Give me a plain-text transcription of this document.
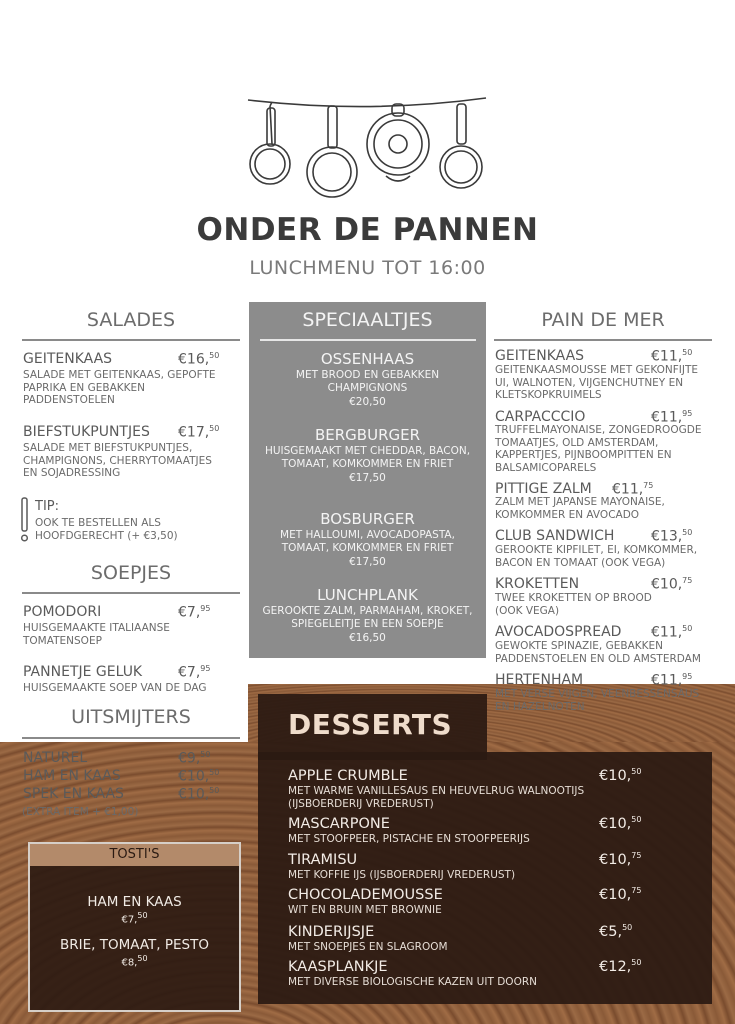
ONDER DE PANNEN
LUNCHMENU TOT 16:00
SALADES
GEITENKAAS	€16,50
SALADE MET GEITENKAAS, GEPOFTE PAPRIKA EN GEBAKKEN PADDENSTOELEN
BIEFSTUKPUNTJES €17,50
SALADE MET BIEFSTUKPUNTJES, CHAMPIGNONS, CHERRYTOMAATJES EN SOJADRESSING
TIP:
OOK TE BESTELLEN ALS HOOFDGERECHT (+ €3,50)
SOEPJES
POMODORI	€7,95
HUISGEMAAKTE ITALIAANSE TOMATENSOEP
PANNETJE GELUK	€7,95
HUISGEMAAKTE SOEP VAN DE DAG
UITSMIJTERS
NATUREL	€9,50
HAM EN KAAS	€10,50
SPEK EN KAAS	€10,50
(EXTRA ITEM + €1,00)
SPECIAALTJES
OSSENHAAS
MET BROOD EN GEBAKKEN CHAMPIGNONS
€20,50
BERGBURGER
HUISGEMAAKT MET CHEDDAR, BACON, TOMAAT, KOMKOMMER EN FRIET
€17,50
BOSBURGER
MET HALLOUMI, AVOCADOPASTA, TOMAAT, KOMKOMMER EN FRIET
€17,50
LUNCHPLANK
GEROOKTE ZALM, PARMAHAM, KROKET, SPIEGELEITJE EN EEN SOEPJE
€16,50
PAIN DE MER
GEITENKAAS	€11,50
GEITENKAASMOUSSE MET GEKONFIJTE UI, WALNOTEN, VIJGENCHUTNEY EN KLETSKOPKRUIMELS
CARPACCCIO	€11,95
TRUFFELMAYONAISE, ZONGEDROOGDE TOMAATJES, OLD AMSTERDAM, KAPPERTJES, PIJNBOOMPITTEN EN BALSAMICOPARELS
PITTIGE ZALM €11,75
ZALM MET JAPANSE MAYONAISE, KOMKOMMER EN AVOCADO
CLUB SANDWICH	€13,50
GEROOKTE KIPFILET, EI, KOMKOMMER, BACON EN TOMAAT (OOK VEGA)
KROKETTEN	€10,75
TWEE KROKETTEN OP BROOD (OOK VEGA)
AVOCADOSPREAD €11,50
GEWOKTE SPINAZIE, GEBAKKEN PADDENSTOELEN EN OLD AMSTERDAM
HERTENHAM	€11,95
MET VERSE VIJGEN, VEENBESSENSAUS EN HAZELNOTEN
DESSERTS
APPLE CRUMBLE	€10,50
MET WARME VANILLESAUS EN HEUVELRUG WALNOOTIJS (IJSBOERDERIJ VREDERUST)
MASCARPONE	€10,50
MET STOOFPEER, PISTACHE EN STOOFPEERIJS
TIRAMISU	€10,75
MET KOFFIE IJS (IJSBOERDERIJ VREDERUST)
CHOCOLADEMOUSSE	€10,75
WIT EN BRUIN MET BROWNIE
KINDERIJSJE	€5,50
MET SNOEPJES EN SLAGROOM
KAASPLANKJE	€12,50
MET DIVERSE BIOLOGISCHE KAZEN UIT DOORN
TOSTI'S
HAM EN KAAS
€7,50
BRIE, TOMAAT, PESTO
€8,50
